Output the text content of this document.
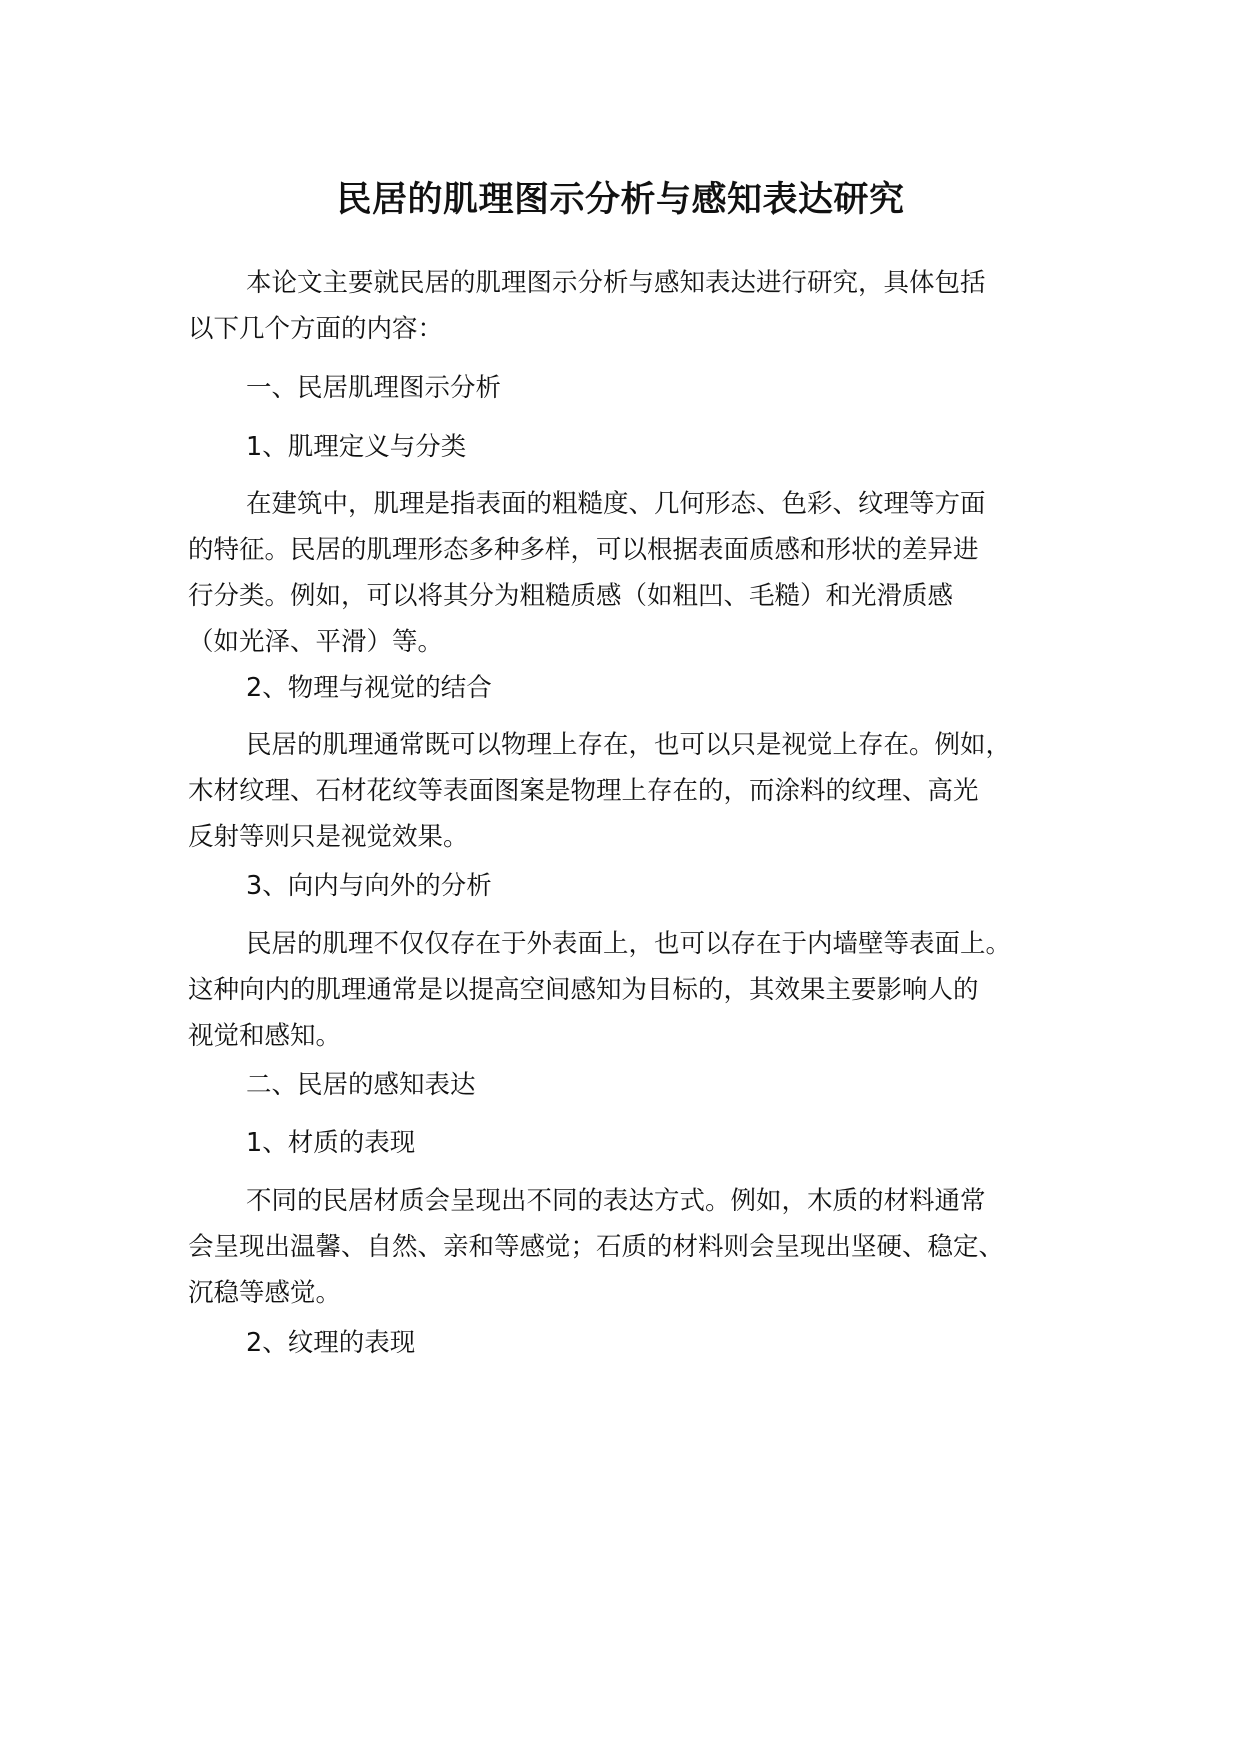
民居的肌理图示分析与感知表达研究

本论文主要就民居的肌理图示分析与感知表达进行研究，具体包括
以下几个方面的内容：

一、民居肌理图示分析

1、肌理定义与分类

在建筑中，肌理是指表面的粗糙度、几何形态、色彩、纹理等方面
的特征。民居的肌理形态多种多样，可以根据表面质感和形状的差异进
行分类。例如，可以将其分为粗糙质感（如粗凹、毛糙）和光滑质感
（如光泽、平滑）等。

2、物理与视觉的结合

民居的肌理通常既可以物理上存在，也可以只是视觉上存在。例如，
木材纹理、石材花纹等表面图案是物理上存在的，而涂料的纹理、高光
反射等则只是视觉效果。

3、向内与向外的分析

民居的肌理不仅仅存在于外表面上，也可以存在于内墙壁等表面上。
这种向内的肌理通常是以提高空间感知为目标的，其效果主要影响人的
视觉和感知。

二、民居的感知表达

1、材质的表现

不同的民居材质会呈现出不同的表达方式。例如，木质的材料通常
会呈现出温馨、自然、亲和等感觉；石质的材料则会呈现出坚硬、稳定、
沉稳等感觉。

2、纹理的表现
